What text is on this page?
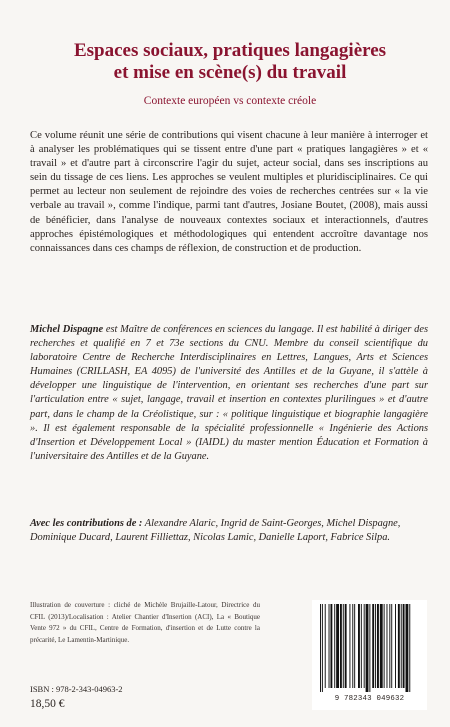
Espaces sociaux, pratiques langagières
et mise en scène(s) du travail
Contexte européen vs contexte créole

Ce volume réunit une série de contributions qui visent chacune à leur manière à interroger et à analyser les problématiques qui se tissent entre d'une part « pratiques langagières » et « travail » et d'autre part à circonscrire l'agir du sujet, acteur social, dans ses inscriptions au sein du tissage de ces liens. Les approches se veulent multiples et pluridisciplinaires. Ce qui permet au lecteur non seulement de rejoindre des voies de recherches centrées sur « la vie verbale au travail », comme l'indique, parmi tant d'autres, Josiane Boutet, (2008), mais aussi de bénéficier, dans l'analyse de nouveaux contextes sociaux et interactionnels, d'autres approches épistémologiques et méthodologiques qui entendent accroître davantage nos connaissances dans ces champs de réflexion, de construction et de production.

Michel Dispagne est Maître de conférences en sciences du langage. Il est habilité à diriger des recherches et qualifié en 7 et 73e sections du CNU. Membre du conseil scientifique du laboratoire Centre de Recherche Interdisciplinaires en Lettres, Langues, Arts et Sciences Humaines (CRILLASH, EA 4095) de l'université des Antilles et de la Guyane, il s'attèle à développer une linguistique de l'intervention, en orientant ses recherches d'une part sur l'articulation entre « sujet, langage, travail et insertion en contextes plurilingues » et d'autre part, dans le champ de la Créolistique, sur : « politique linguistique et biographie langagière ». Il est également responsable de la spécialité professionnelle « Ingénierie des Actions d'Insertion et Développement Local » (IAIDL) du master mention Éducation et Formation à l'universitaire des Antilles et de la Guyane.

Avec les contributions de : Alexandre Alaric, Ingrid de Saint-Georges, Michel Dispagne, Dominique Ducard, Laurent Filliettaz, Nicolas Lamic, Danielle Laport, Fabrice Silpa.

Illustration de couverture : cliché de Michèle Brujaille-Latour, Directrice du CFIL (2013)/Localisation : Atelier Chantier d'Insertion (ACI), La « Boutique Vente 972 » du CFIL, Centre de Formation, d'insertion et de Lutte contre la précarité, Le Lamentin-Martinique.

ISBN : 978-2-343-04963-2
18,50 €	9 782343 049632
